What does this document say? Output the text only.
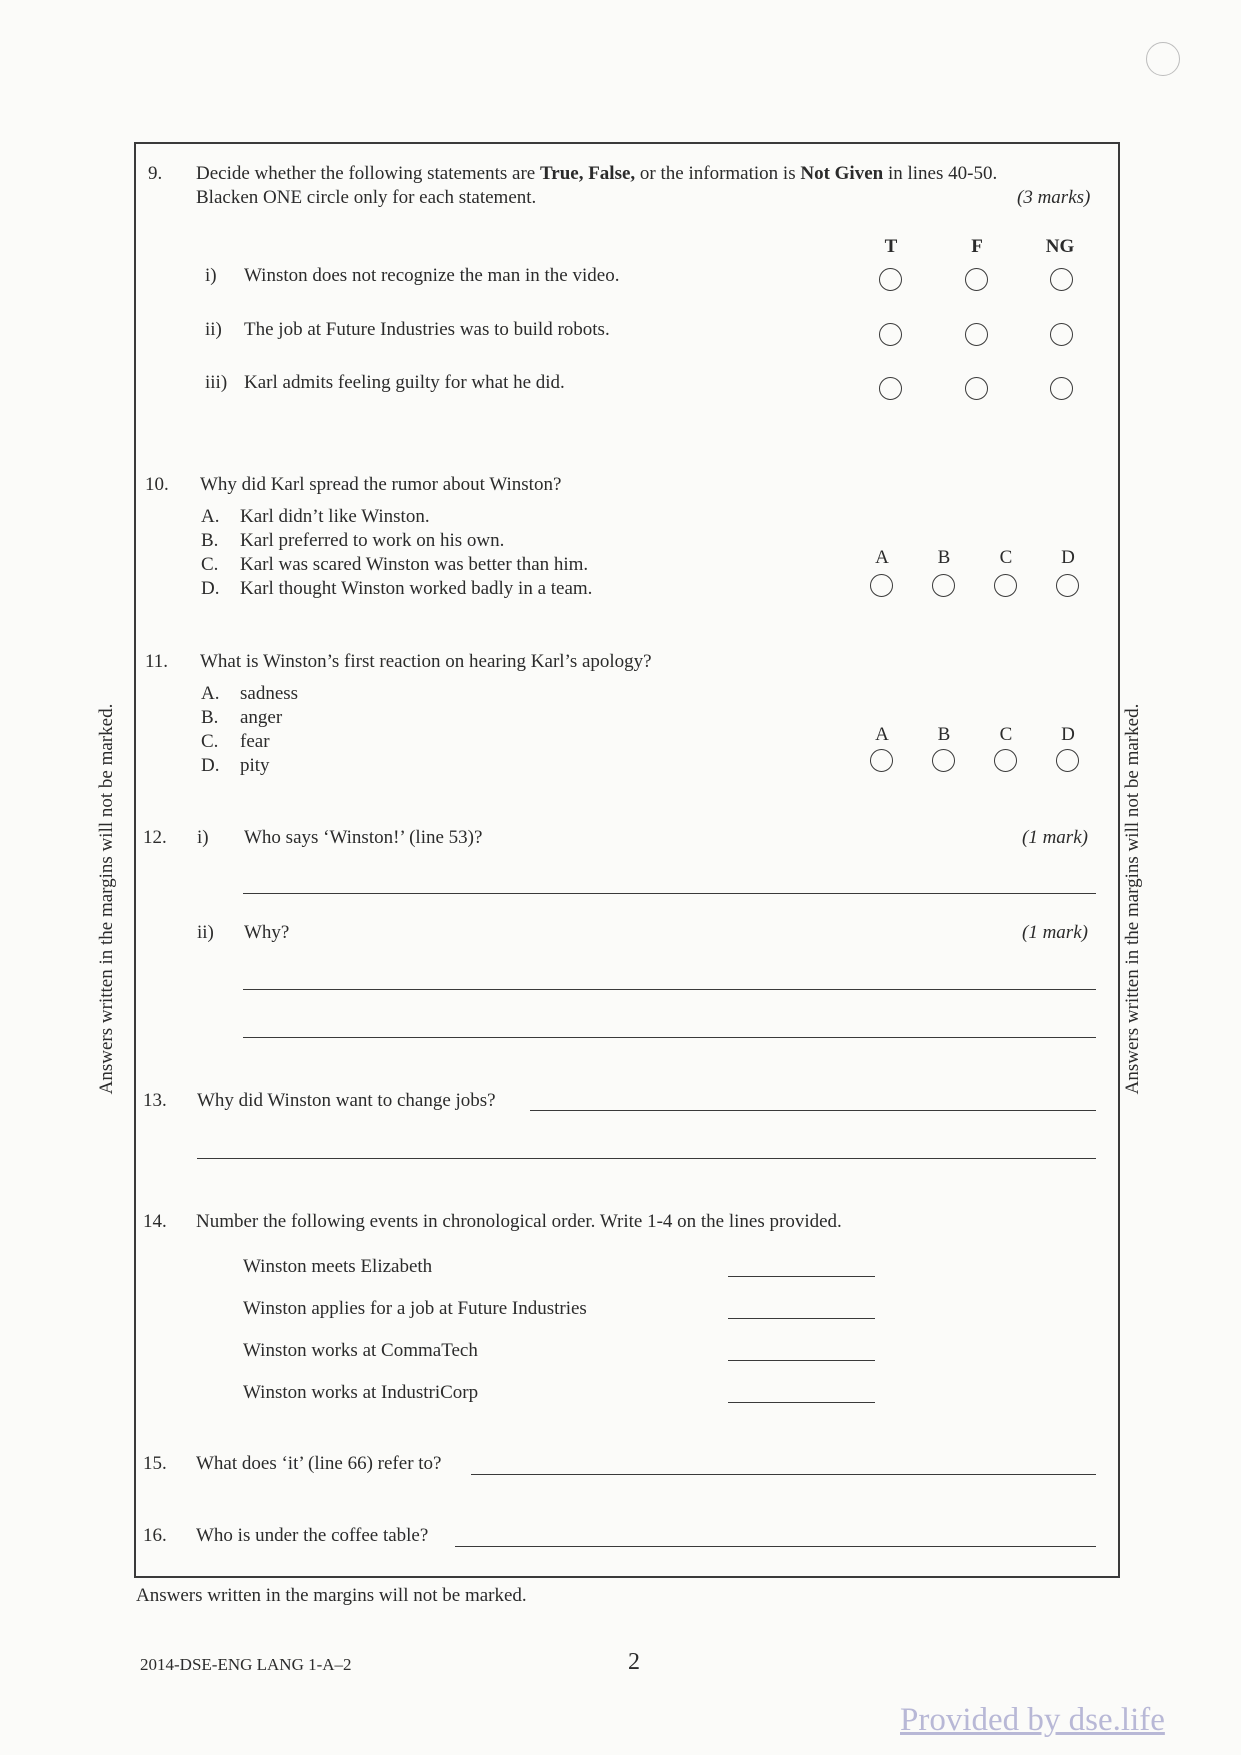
Answers written in the margins will not be marked.	Answers written in the margins will not be marked.
9. Decide whether the following statements are True, False, or the information is Not Given in lines 40-50.
Blacken ONE circle only for each statement.	(3 marks)
T	F	NG
i) Winston does not recognize the man in the video.
ii) The job at Future Industries was to build robots.
iii) Karl admits feeling guilty for what he did.
10. Why did Karl spread the rumor about Winston?
A. Karl didn’t like Winston.
B. Karl preferred to work on his own.
C. Karl was scared Winston was better than him.
D. Karl thought Winston worked badly in a team.
A	B	C	D
11. What is Winston’s first reaction on hearing Karl’s apology?
A. sadness
B. anger
C. fear
D. pity
A	B	C	D
12. i) Who says ‘Winston!’ (line 53)?	(1 mark)
ii) Why?	(1 mark)
13. Why did Winston want to change jobs?
14. Number the following events in chronological order. Write 1-4 on the lines provided.
Winston meets Elizabeth
Winston applies for a job at Future Industries
Winston works at CommaTech
Winston works at IndustriCorp
15. What does ‘it’ (line 66) refer to?
16. Who is under the coffee table?
Answers written in the margins will not be marked.
2014-DSE-ENG LANG 1-A–2	2
Provided by dse.life
